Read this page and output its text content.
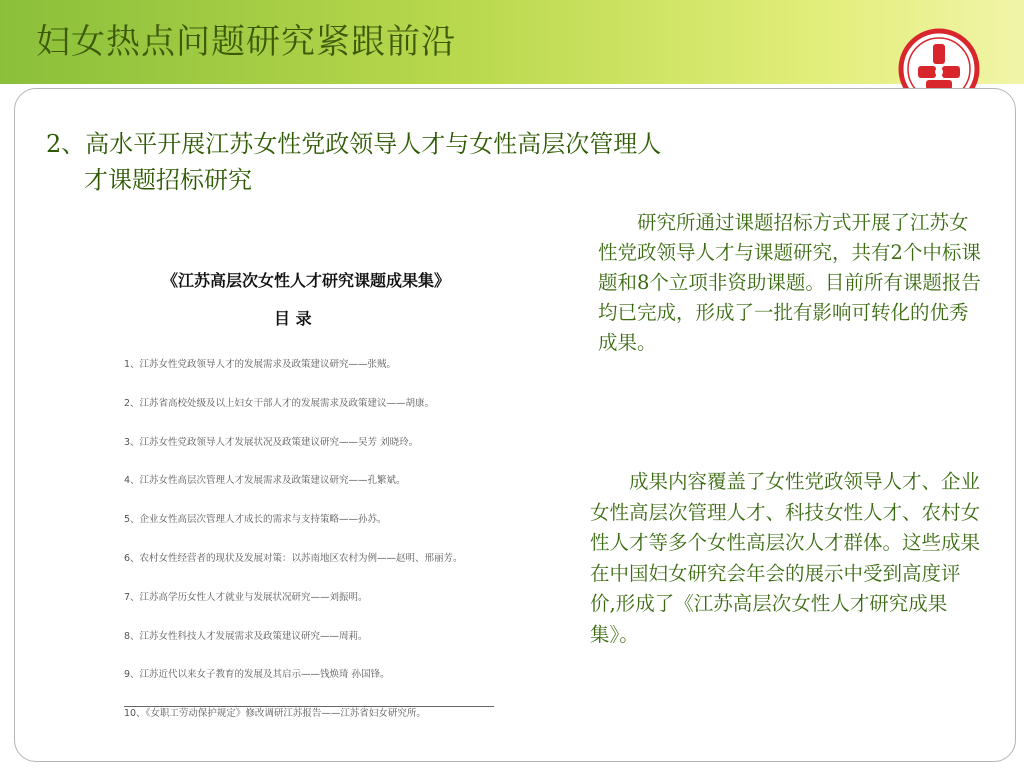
妇女热点问题研究紧跟前沿
2、高水平开展江苏女性党政领导人才与女性高层次管理人
才课题招标研究
《江苏高层次女性人才研究课题成果集》
目 录
1、江苏女性党政领导人才的发展需求及政策建议研究——张贼。
2、江苏省高校处级及以上妇女干部人才的发展需求及政策建议——胡康。
3、江苏女性党政领导人才发展状况及政策建议研究——吴芳 刘晓玲。
4、江苏女性高层次管理人才发展需求及政策建议研究——孔繁斌。
5、企业女性高层次管理人才成长的需求与支持策略——孙苏。
6、农村女性经营者的现状及发展对策：以苏南地区农村为例——赵明、邢丽芳。
7、江苏高学历女性人才就业与发展状况研究——刘振明。
8、江苏女性科技人才发展需求及政策建议研究——周莉。
9、江苏近代以来女子教育的发展及其启示——钱焕琦 孙国锋。
10、《女职工劳动保护规定》修改调研江苏报告——江苏省妇女研究所。
研究所通过课题招标方式开展了江苏女性党政领导人才与课题研究，共有2个中标课题和8个立项非资助课题。目前所有课题报告均已完成，形成了一批有影响可转化的优秀成果。
成果内容覆盖了女性党政领导人才、企业女性高层次管理人才、科技女性人才、农村女性人才等多个女性高层次人才群体。这些成果在中国妇女研究会年会的展示中受到高度评价,形成了《江苏高层次女性人才研究成果集》。
